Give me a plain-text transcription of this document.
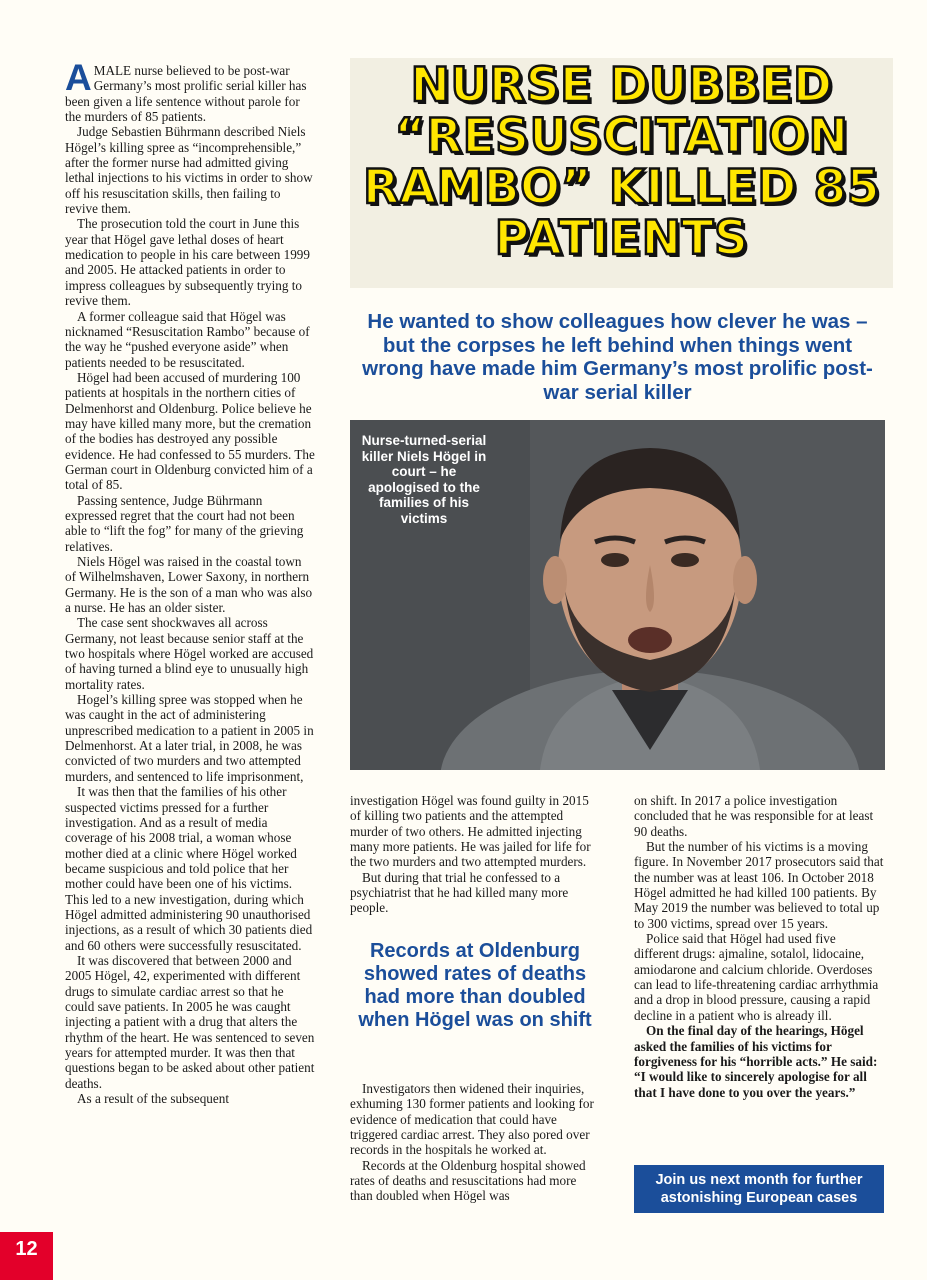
NURSE DUBBED “RESUSCITATION RAMBO” KILLED 85 PATIENTS
He wanted to show colleagues how clever he was – but the corpses he left behind when things went wrong have made him Germany’s most prolific post-war serial killer
Nurse-turned-serial killer Niels Högel in court – he apologised to the families of his victims

A MALE nurse believed to be post-war Germany’s most prolific serial killer has been given a life sentence without parole for the murders of 85 patients.

Judge Sebastien Bührmann described Niels Högel’s killing spree as “incomprehensible,” after the former nurse had admitted giving lethal injections to his victims in order to show off his resuscitation skills, then failing to revive them.

The prosecution told the court in June this year that Högel gave lethal doses of heart medication to people in his care between 1999 and 2005. He attacked patients in order to impress colleagues by subsequently trying to revive them.

A former colleague said that Högel was nicknamed “Resuscitation Rambo” because of the way he “pushed everyone aside” when patients needed to be resuscitated.

Högel had been accused of murdering 100 patients at hospitals in the northern cities of Delmenhorst and Oldenburg. Police believe he may have killed many more, but the cremation of the bodies has destroyed any possible evidence. He had confessed to 55 murders. The German court in Oldenburg convicted him of a total of 85.

Passing sentence, Judge Bührmann expressed regret that the court had not been able to “lift the fog” for many of the grieving relatives.

Niels Högel was raised in the coastal town of Wilhelmshaven, Lower Saxony, in northern Germany. He is the son of a man who was also a nurse. He has an older sister.

The case sent shockwaves all across Germany, not least because senior staff at the two hospitals where Högel worked are accused of having turned a blind eye to unusually high mortality rates.

Hogel’s killing spree was stopped when he was caught in the act of administering unprescribed medication to a patient in 2005 in Delmenhorst. At a later trial, in 2008, he was convicted of two murders and two attempted murders, and sentenced to life imprisonment,

It was then that the families of his other suspected victims pressed for a further investigation. And as a result of media coverage of his 2008 trial, a woman whose mother died at a clinic where Högel worked became suspicious and told police that her mother could have been one of his victims. This led to a new investigation, during which Högel admitted administering 90 unauthorised injections, as a result of which 30 patients died and 60 others were successfully resuscitated.

It was discovered that between 2000 and 2005 Högel, 42, experimented with different drugs to simulate cardiac arrest so that he could save patients. In 2005 he was caught injecting a patient with a drug that alters the rhythm of the heart. He was sentenced to seven years for attempted murder. It was then that questions began to be asked about other patient deaths.

As a result of the subsequent

investigation Högel was found guilty in 2015 of killing two patients and the attempted murder of two others. He admitted injecting many more patients. He was jailed for life for the two murders and two attempted murders.

But during that trial he confessed to a psychiatrist that he had killed many more people.

Records at Oldenburg showed rates of deaths had more than doubled when Högel was on shift

Investigators then widened their inquiries, exhuming 130 former patients and looking for evidence of medication that could have triggered cardiac arrest. They also pored over records in the hospitals he worked at.

Records at the Oldenburg hospital showed rates of deaths and resuscitations had more than doubled when Högel was

on shift. In 2017 a police investigation concluded that he was responsible for at least 90 deaths.

But the number of his victims is a moving figure. In November 2017 prosecutors said that the number was at least 106. In October 2018 Högel admitted he had killed 100 patients. By May 2019 the number was believed to total up to 300 victims, spread over 15 years.

Police said that Högel had used five different drugs: ajmaline, sotalol, lidocaine, amiodarone and calcium chloride. Overdoses can lead to life-threatening cardiac arrhythmia and a drop in blood pressure, causing a rapid decline in a patient who is already ill.

On the final day of the hearings, Högel asked the families of his victims for forgiveness for his “horrible acts.” He said: “I would like to sincerely apologise for all that I have done to you over the years.”

Join us next month for further astonishing European cases
12
